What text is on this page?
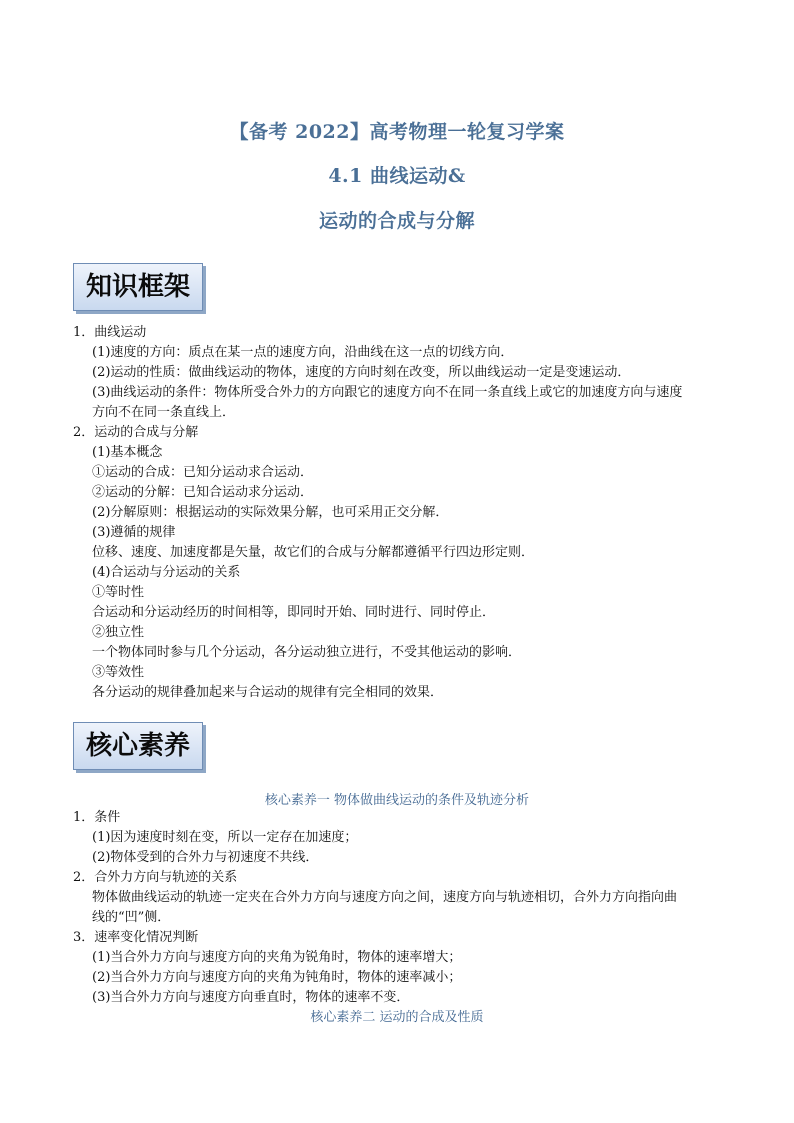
【备考 2022】高考物理一轮复习学案
4.1 曲线运动&
运动的合成与分解
知识框架
1．曲线运动
(1)速度的方向：质点在某一点的速度方向，沿曲线在这一点的切线方向．
(2)运动的性质：做曲线运动的物体，速度的方向时刻在改变，所以曲线运动一定是变速运动．
(3)曲线运动的条件：物体所受合外力的方向跟它的速度方向不在同一条直线上或它的加速度方向与速度
方向不在同一条直线上．
2．运动的合成与分解
(1)基本概念
①运动的合成：已知分运动求合运动．
②运动的分解：已知合运动求分运动．
(2)分解原则：根据运动的实际效果分解，也可采用正交分解．
(3)遵循的规律
位移、速度、加速度都是矢量，故它们的合成与分解都遵循平行四边形定则．
(4)合运动与分运动的关系
①等时性
合运动和分运动经历的时间相等，即同时开始、同时进行、同时停止．
②独立性
一个物体同时参与几个分运动，各分运动独立进行，不受其他运动的影响．
③等效性
各分运动的规律叠加起来与合运动的规律有完全相同的效果．
核心素养
核心素养一 物体做曲线运动的条件及轨迹分析
1．条件
(1)因为速度时刻在变，所以一定存在加速度；
(2)物体受到的合外力与初速度不共线．
2．合外力方向与轨迹的关系
物体做曲线运动的轨迹一定夹在合外力方向与速度方向之间，速度方向与轨迹相切，合外力方向指向曲
线的“凹”侧．
3．速率变化情况判断
(1)当合外力方向与速度方向的夹角为锐角时，物体的速率增大；
(2)当合外力方向与速度方向的夹角为钝角时，物体的速率减小；
(3)当合外力方向与速度方向垂直时，物体的速率不变．
核心素养二 运动的合成及性质
